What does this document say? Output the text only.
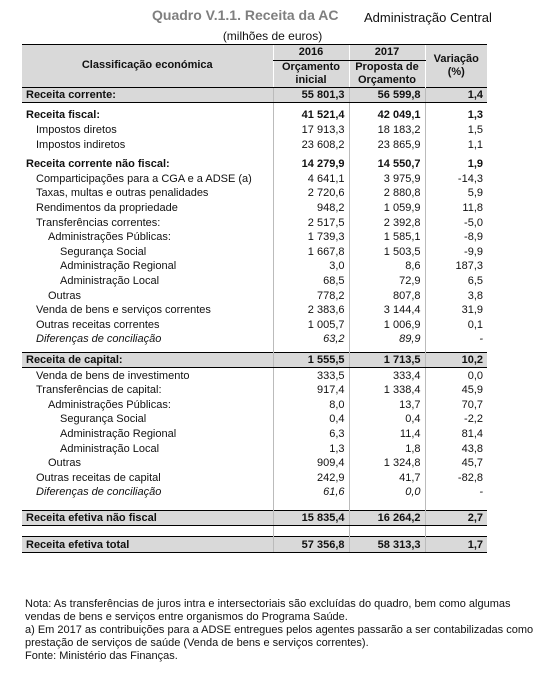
Quadro V.1.1. Receita da AC Administração Central
(milhões de euros)
Classificação económica	2016	2017	Variação (%)
	Orçamento inicial	Proposta de Orçamento	
Receita corrente:	55 801,3	56 599,8	1,4

Receita fiscal:	41 521,4	42 049,1	1,3
Impostos diretos	17 913,3	18 183,2	1,5
Impostos indiretos	23 608,2	23 865,9	1,1

Receita corrente não fiscal:	14 279,9	14 550,7	1,9
Comparticipações para a CGA e a ADSE (a)	4 641,1	3 975,9	-14,3
Taxas, multas e outras penalidades	2 720,6	2 880,8	5,9
Rendimentos da propriedade	948,2	1 059,9	11,8
Transferências correntes:	2 517,5	2 392,8	-5,0
Administrações Públicas:	1 739,3	1 585,1	-8,9
Segurança Social	1 667,8	1 503,5	-9,9
Administração Regional	3,0	8,6	187,3
Administração Local	68,5	72,9	6,5
Outras	778,2	807,8	3,8
Venda de bens e serviços correntes	2 383,6	3 144,4	31,9
Outras receitas correntes	1 005,7	1 006,9	0,1
Diferenças de conciliação	63,2	89,9	-

Receita de capital:	1 555,5	1 713,5	10,2
Venda de bens de investimento	333,5	333,4	0,0
Transferências de capital:	917,4	1 338,4	45,9
Administrações Públicas:	8,0	13,7	70,7
Segurança Social	0,4	0,4	-2,2
Administração Regional	6,3	11,4	81,4
Administração Local	1,3	1,8	43,8
Outras	909,4	1 324,8	45,7
Outras receitas de capital	242,9	41,7	-82,8
Diferenças de conciliação	61,6	0,0	-

Receita efetiva não fiscal	15 835,4	16 264,2	2,7

Receita efetiva total	57 356,8	58 313,3	1,7

Nota: As transferências de juros intra e intersectoriais são excluídas do quadro, bem como algumas vendas de bens e serviços entre organismos do Programa Saúde.

a) Em 2017 as contribuições para a ADSE entregues pelos agentes passarão a ser contabilizadas como prestação de serviços de saúde (Venda de bens e serviços correntes).

Fonte: Ministério das Finanças.
